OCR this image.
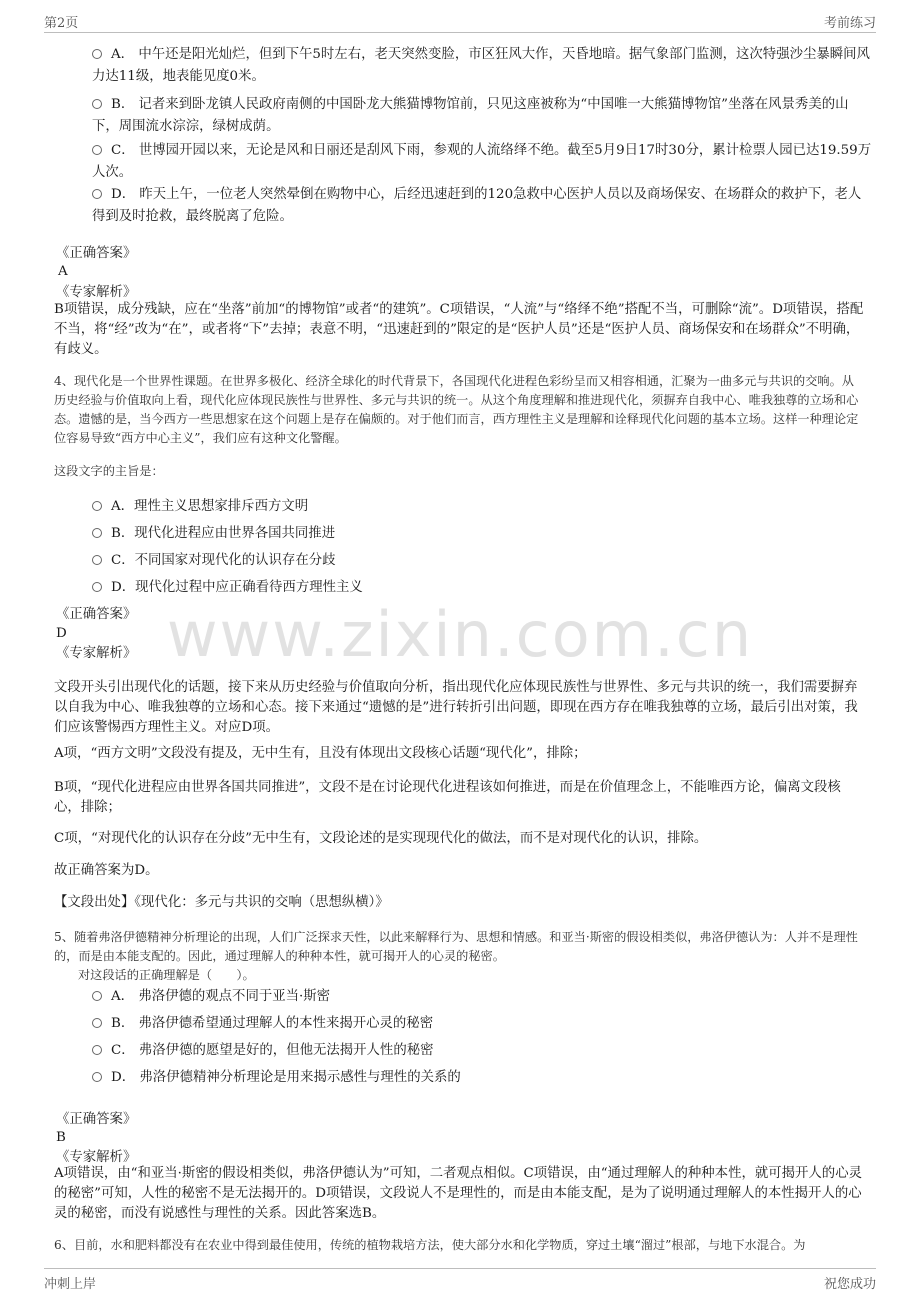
第2页	考前练习
www.zixin.com.cn
A． 中午还是阳光灿烂，但到下午5时左右，老天突然变脸，市区狂风大作，天昏地暗。据气象部门监测，这次特强沙尘暴瞬间风力达11级，地表能见度0米。
B． 记者来到卧龙镇人民政府南侧的中国卧龙大熊猫博物馆前，只见这座被称为“中国唯一大熊猫博物馆”坐落在风景秀美的山下，周围流水淙淙，绿树成荫。
C． 世博园开园以来，无论是风和日丽还是刮风下雨，参观的人流络绎不绝。截至5月9日17时30分，累计检票人园已达19.59万人次。
D． 昨天上午，一位老人突然晕倒在购物中心，后经迅速赶到的120急救中心医护人员以及商场保安、在场群众的救护下，老人得到及时抢救，最终脱离了危险。

《正确答案》

A

《专家解析》

B项错误，成分残缺，应在“坐落”前加“的博物馆”或者“的建筑”。C项错误，“人流”与“络绎不绝”搭配不当，可删除“流”。D项错误，搭配不当，将“经”改为“在”，或者将“下”去掉；表意不明，“迅速赶到的”限定的是“医护人员”还是“医护人员、商场保安和在场群众”不明确，有歧义。

4、现代化是一个世界性课题。在世界多极化、经济全球化的时代背景下，各国现代化进程色彩纷呈而又相容相通，汇聚为一曲多元与共识的交响。从历史经验与价值取向上看，现代化应体现民族性与世界性、多元与共识的统一。从这个角度理解和推进现代化，须摒弃自我中心、唯我独尊的立场和心态。遗憾的是，当今西方一些思想家在这个问题上是存在偏颇的。对于他们而言，西方理性主义是理解和诠释现代化问题的基本立场。这样一种理论定位容易导致“西方中心主义”，我们应有这种文化警醒。

这段文字的主旨是：

A．理性主义思想家排斥西方文明
B．现代化进程应由世界各国共同推进
C．不同国家对现代化的认识存在分歧
D．现代化过程中应正确看待西方理性主义

《正确答案》

D

《专家解析》

文段开头引出现代化的话题，接下来从历史经验与价值取向分析，指出现代化应体现民族性与世界性、多元与共识的统一，我们需要摒弃以自我为中心、唯我独尊的立场和心态。接下来通过“遗憾的是”进行转折引出问题，即现在西方存在唯我独尊的立场，最后引出对策，我们应该警惕西方理性主义。对应D项。

A项，“西方文明”文段没有提及，无中生有，且没有体现出文段核心话题“现代化”，排除；

B项，“现代化进程应由世界各国共同推进”，文段不是在讨论现代化进程该如何推进，而是在价值理念上，不能唯西方论，偏离文段核心，排除；

C项，“对现代化的认识存在分歧”无中生有，文段论述的是实现现代化的做法，而不是对现代化的认识，排除。

故正确答案为D。

【文段出处】《现代化：多元与共识的交响（思想纵横）》

5、随着弗洛伊德精神分析理论的出现，人们广泛探求天性，以此来解释行为、思想和情感。和亚当·斯密的假设相类似，弗洛伊德认为：人并不是理性的，而是由本能支配的。因此，通过理解人的种种本性，就可揭开人的心灵的秘密。

对这段话的正确理解是（　　）。

A． 弗洛伊德的观点不同于亚当·斯密
B． 弗洛伊德希望通过理解人的本性来揭开心灵的秘密
C． 弗洛伊德的愿望是好的，但他无法揭开人性的秘密
D． 弗洛伊德精神分析理论是用来揭示感性与理性的关系的

《正确答案》

B

《专家解析》

A项错误，由“和亚当·斯密的假设相类似，弗洛伊德认为”可知，二者观点相似。C项错误，由“通过理解人的种种本性，就可揭开人的心灵的秘密”可知，人性的秘密不是无法揭开的。D项错误，文段说人不是理性的，而是由本能支配，是为了说明通过理解人的本性揭开人的心灵的秘密，而没有说感性与理性的关系。因此答案选B。

6、目前，水和肥料都没有在农业中得到最佳使用，传统的植物栽培方法，使大部分水和化学物质，穿过土壤“溜过”根部，与地下水混合。为

冲刺上岸	祝您成功
